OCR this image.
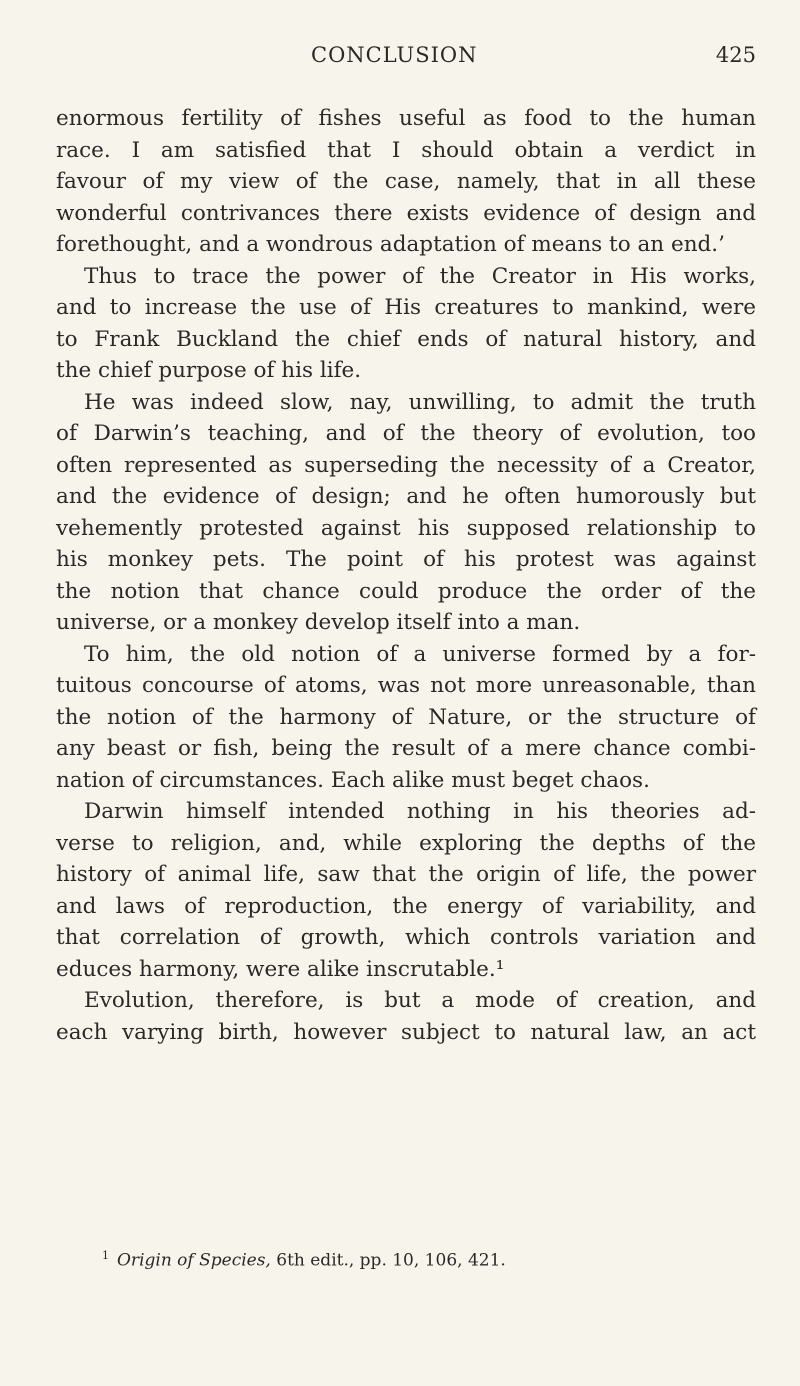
CONCLUSION	425
enormous fertility of fishes useful as food to the human
race. I am satisfied that I should obtain a verdict in
favour of my view of the case, namely, that in all these
wonderful contrivances there exists evidence of design and
forethought, and a wondrous adaptation of means to an end.’
Thus to trace the power of the Creator in His works,
and to increase the use of His creatures to mankind, were
to Frank Buckland the chief ends of natural history, and
the chief purpose of his life.
He was indeed slow, nay, unwilling, to admit the truth
of Darwin’s teaching, and of the theory of evolution, too
often represented as superseding the necessity of a Creator,
and the evidence of design; and he often humorously but
vehemently protested against his supposed relationship to
his monkey pets. The point of his protest was against
the notion that chance could produce the order of the
universe, or a monkey develop itself into a man.
To him, the old notion of a universe formed by a for-
tuitous concourse of atoms, was not more unreasonable, than
the notion of the harmony of Nature, or the structure of
any beast or fish, being the result of a mere chance combi-
nation of circumstances. Each alike must beget chaos.
Darwin himself intended nothing in his theories ad-
verse to religion, and, while exploring the depths of the
history of animal life, saw that the origin of life, the power
and laws of reproduction, the energy of variability, and
that correlation of growth, which controls variation and
educes harmony, were alike inscrutable.¹
Evolution, therefore, is but a mode of creation, and
each varying birth, however subject to natural law, an act
$^1$ Origin of Species, 6th edit., pp. 10, 106, 421.
